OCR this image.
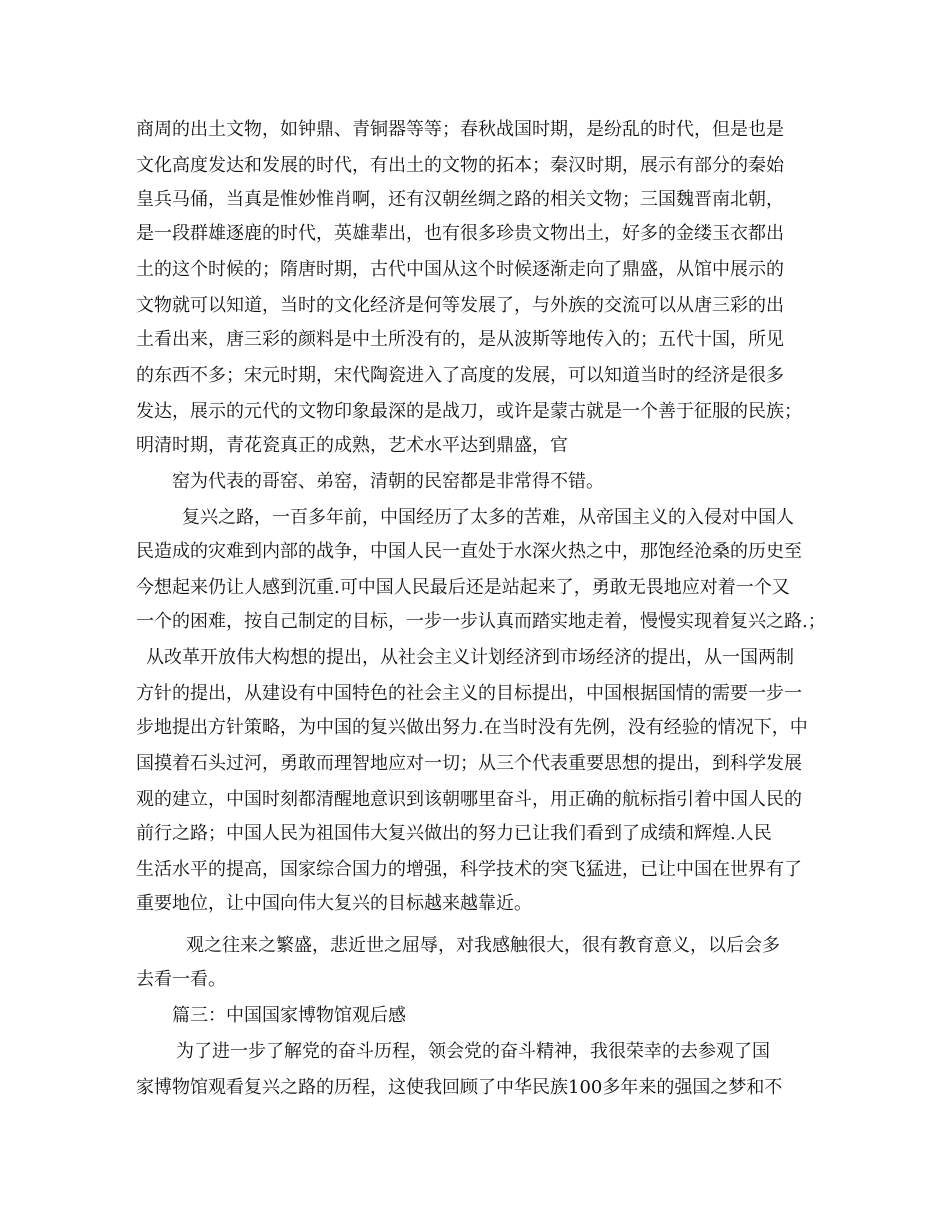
商周的出土文物，如钟鼎、青铜器等等；春秋战国时期，是纷乱的时代，但是也是
文化高度发达和发展的时代，有出土的文物的拓本；秦汉时期，展示有部分的秦始
皇兵马俑，当真是惟妙惟肖啊，还有汉朝丝绸之路的相关文物；三国魏晋南北朝，
是一段群雄逐鹿的时代，英雄辈出，也有很多珍贵文物出土，好多的金缕玉衣都出
土的这个时候的；隋唐时期，古代中国从这个时候逐渐走向了鼎盛，从馆中展示的
文物就可以知道，当时的文化经济是何等发展了，与外族的交流可以从唐三彩的出
土看出来，唐三彩的颜料是中土所没有的，是从波斯等地传入的；五代十国，所见
的东西不多；宋元时期，宋代陶瓷进入了高度的发展，可以知道当时的经济是很多
发达，展示的元代的文物印象最深的是战刀，或许是蒙古就是一个善于征服的民族；
明清时期，青花瓷真正的成熟，艺术水平达到鼎盛，官
窑为代表的哥窑、弟窑，清朝的民窑都是非常得不错。
复兴之路，一百多年前，中国经历了太多的苦难，从帝国主义的入侵对中国人
民造成的灾难到内部的战争，中国人民一直处于水深火热之中，那饱经沧桑的历史至
今想起来仍让人感到沉重.可中国人民最后还是站起来了，勇敢无畏地应对着一个又
一个的困难，按自己制定的目标，一步一步认真而踏实地走着，慢慢实现着复兴之路.；
从改革开放伟大构想的提出，从社会主义计划经济到市场经济的提出，从一国两制
方针的提出，从建设有中国特色的社会主义的目标提出，中国根据国情的需要一步一
步地提出方针策略，为中国的复兴做出努力.在当时没有先例，没有经验的情况下，中
国摸着石头过河，勇敢而理智地应对一切；从三个代表重要思想的提出，到科学发展
观的建立，中国时刻都清醒地意识到该朝哪里奋斗，用正确的航标指引着中国人民的
前行之路；中国人民为祖国伟大复兴做出的努力已让我们看到了成绩和辉煌.人民
生活水平的提高，国家综合国力的增强，科学技术的突飞猛进，已让中国在世界有了
重要地位，让中国向伟大复兴的目标越来越靠近。
观之往来之繁盛，悲近世之屈辱，对我感触很大，很有教育意义，以后会多
去看一看。
篇三：中国国家博物馆观后感
为了进一步了解党的奋斗历程，领会党的奋斗精神，我很荣幸的去参观了国
家博物馆观看复兴之路的历程，这使我回顾了中华民族100多年来的强国之梦和不
